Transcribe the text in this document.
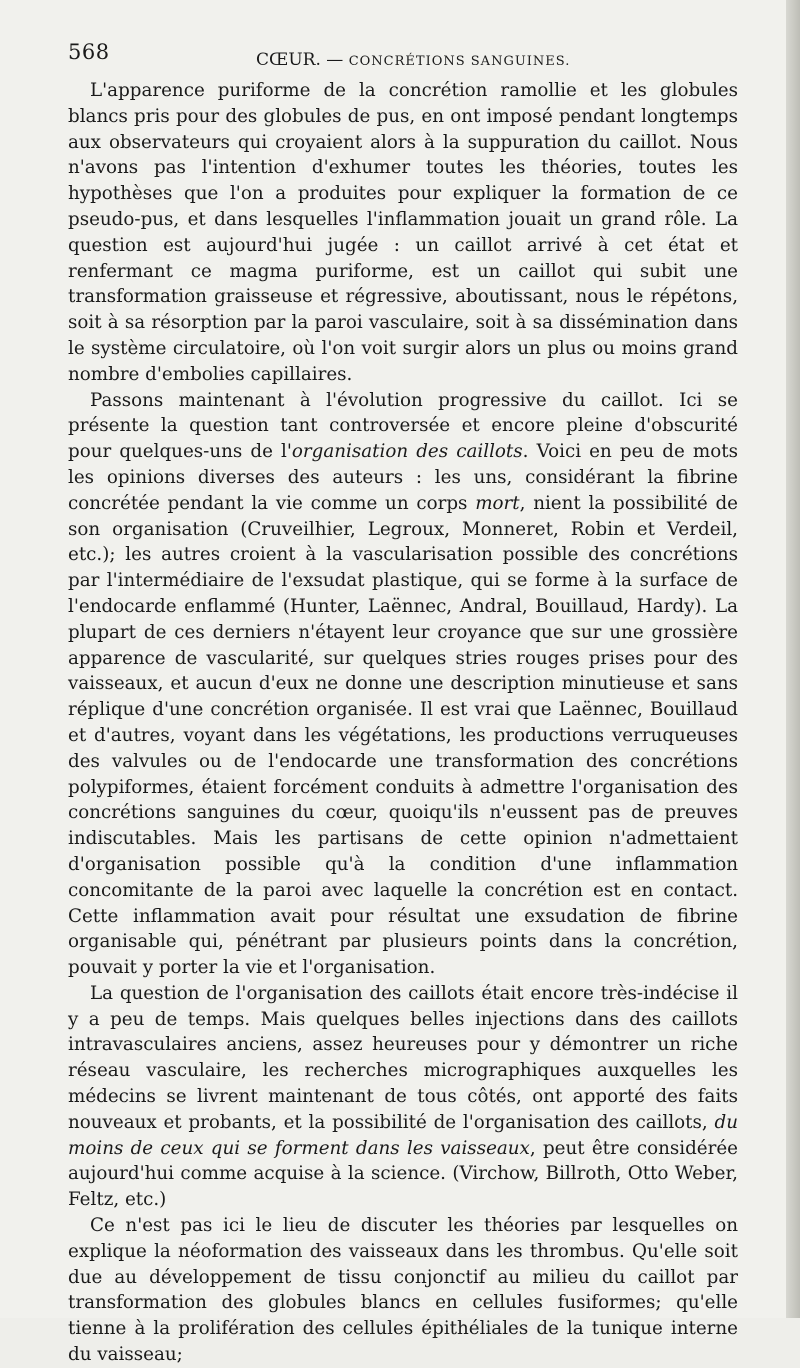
568	CŒUR. — CONCRÉTIONS SANGUINES.

L'apparence puriforme de la concrétion ramollie et les globules blancs pris pour des globules de pus, en ont imposé pendant longtemps aux observateurs qui croyaient alors à la suppuration du caillot. Nous n'avons pas l'intention d'exhumer toutes les théories, toutes les hypothèses que l'on a produites pour expliquer la formation de ce pseudo-pus, et dans lesquelles l'inflammation jouait un grand rôle. La question est aujourd'hui jugée : un caillot arrivé à cet état et renfermant ce magma puriforme, est un caillot qui subit une transformation graisseuse et régressive, aboutissant, nous le répétons, soit à sa résorption par la paroi vasculaire, soit à sa dissémination dans le système circulatoire, où l'on voit surgir alors un plus ou moins grand nombre d'embolies capillaires.

Passons maintenant à l'évolution progressive du caillot. Ici se présente la question tant controversée et encore pleine d'obscurité pour quelques-uns de l'organisation des caillots. Voici en peu de mots les opinions diverses des auteurs : les uns, considérant la fibrine concrétée pendant la vie comme un corps mort, nient la possibilité de son organisation (Cruveilhier, Legroux, Monneret, Robin et Verdeil, etc.); les autres croient à la vascularisation possible des concrétions par l'intermédiaire de l'exsudat plastique, qui se forme à la surface de l'endocarde enflammé (Hunter, Laënnec, Andral, Bouillaud, Hardy). La plupart de ces derniers n'étayent leur croyance que sur une grossière apparence de vascularité, sur quelques stries rouges prises pour des vaisseaux, et aucun d'eux ne donne une description minutieuse et sans réplique d'une concrétion organisée. Il est vrai que Laënnec, Bouillaud et d'autres, voyant dans les végétations, les productions verruqueuses des valvules ou de l'endocarde une transformation des concrétions polypiformes, étaient forcément conduits à admettre l'organisation des concrétions sanguines du cœur, quoiqu'ils n'eussent pas de preuves indiscutables. Mais les partisans de cette opinion n'admettaient d'organisation possible qu'à la condition d'une inflammation concomitante de la paroi avec laquelle la concrétion est en contact. Cette inflammation avait pour résultat une exsudation de fibrine organisable qui, pénétrant par plusieurs points dans la concrétion, pouvait y porter la vie et l'organisation.

La question de l'organisation des caillots était encore très-indécise il y a peu de temps. Mais quelques belles injections dans des caillots intravasculaires anciens, assez heureuses pour y démontrer un riche réseau vasculaire, les recherches micrographiques auxquelles les médecins se livrent maintenant de tous côtés, ont apporté des faits nouveaux et probants, et la possibilité de l'organisation des caillots, du moins de ceux qui se forment dans les vaisseaux, peut être considérée aujourd'hui comme acquise à la science. (Virchow, Billroth, Otto Weber, Feltz, etc.)

Ce n'est pas ici le lieu de discuter les théories par lesquelles on explique la néoformation des vaisseaux dans les thrombus. Qu'elle soit due au développement de tissu conjonctif au milieu du caillot par transformation des globules blancs en cellules fusiformes; qu'elle tienne à la prolifération des cellules épithéliales de la tunique interne du vaisseau;
